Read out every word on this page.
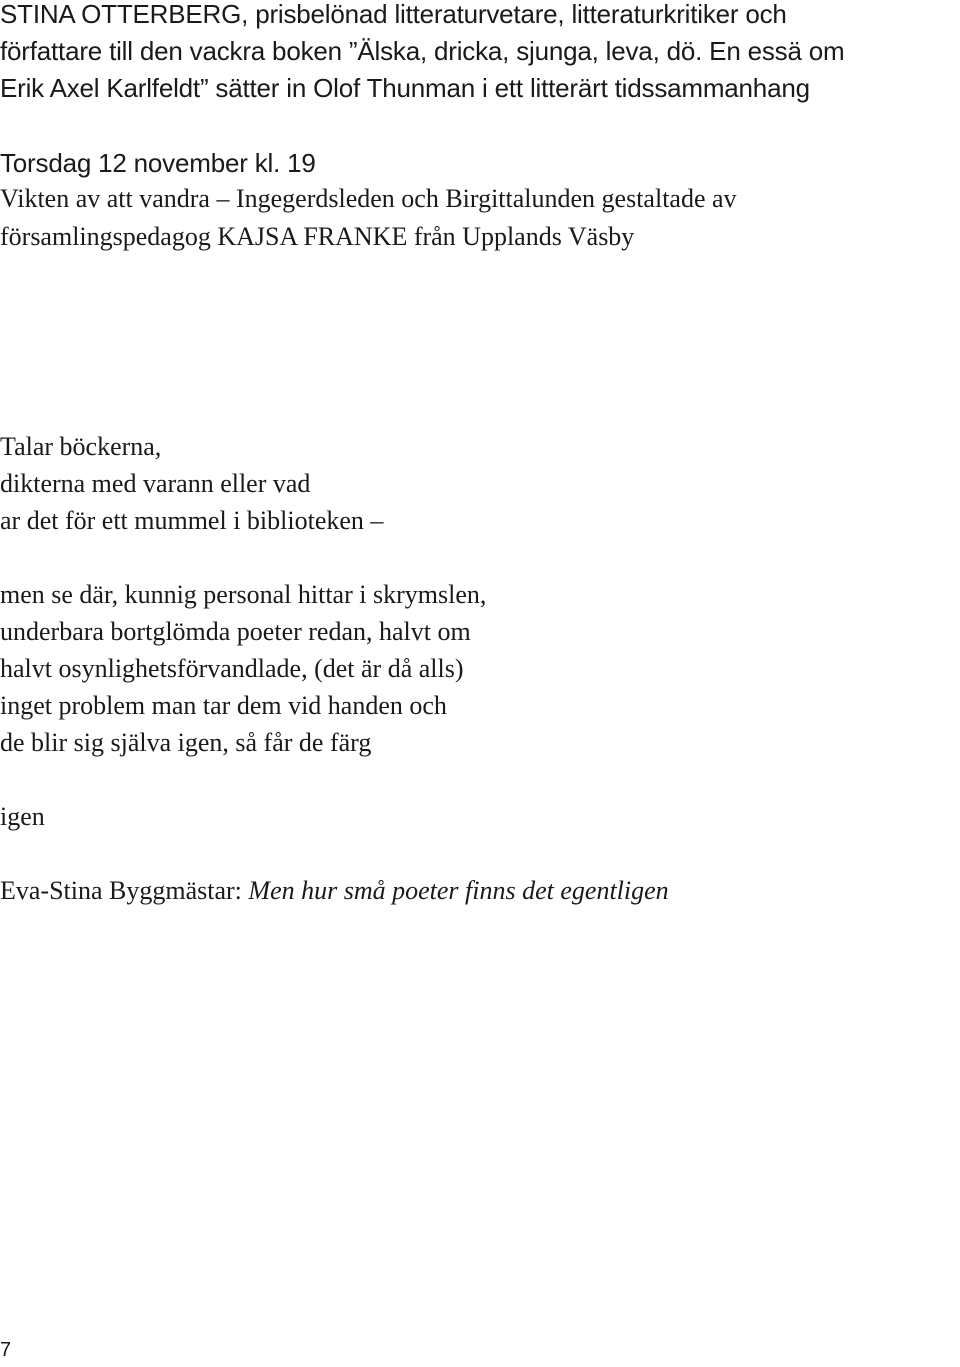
STINA OTTERBERG, prisbelönad litteraturvetare, litteraturkritiker och
författare till den vackra boken ”Älska, dricka, sjunga, leva, dö. En essä om
Erik Axel Karlfeldt” sätter in Olof Thunman i ett litterärt tidssammanhang
Torsdag 12 november kl. 19
Vikten av att vandra – Ingegerdsleden och Birgittalunden gestaltade av
församlingspedagog KAJSA FRANKE från Upplands Väsby
Talar böckerna,
dikterna med varann eller vad
ar det för ett mummel i biblioteken –
men se där, kunnig personal hittar i skrymslen,
underbara bortglömda poeter redan, halvt om
halvt osynlighetsförvandlade, (det är då alls)
inget problem man tar dem vid handen och
de blir sig själva igen, så får de färg
igen
Eva-Stina Byggmästar: Men hur små poeter finns det egentligen
7
